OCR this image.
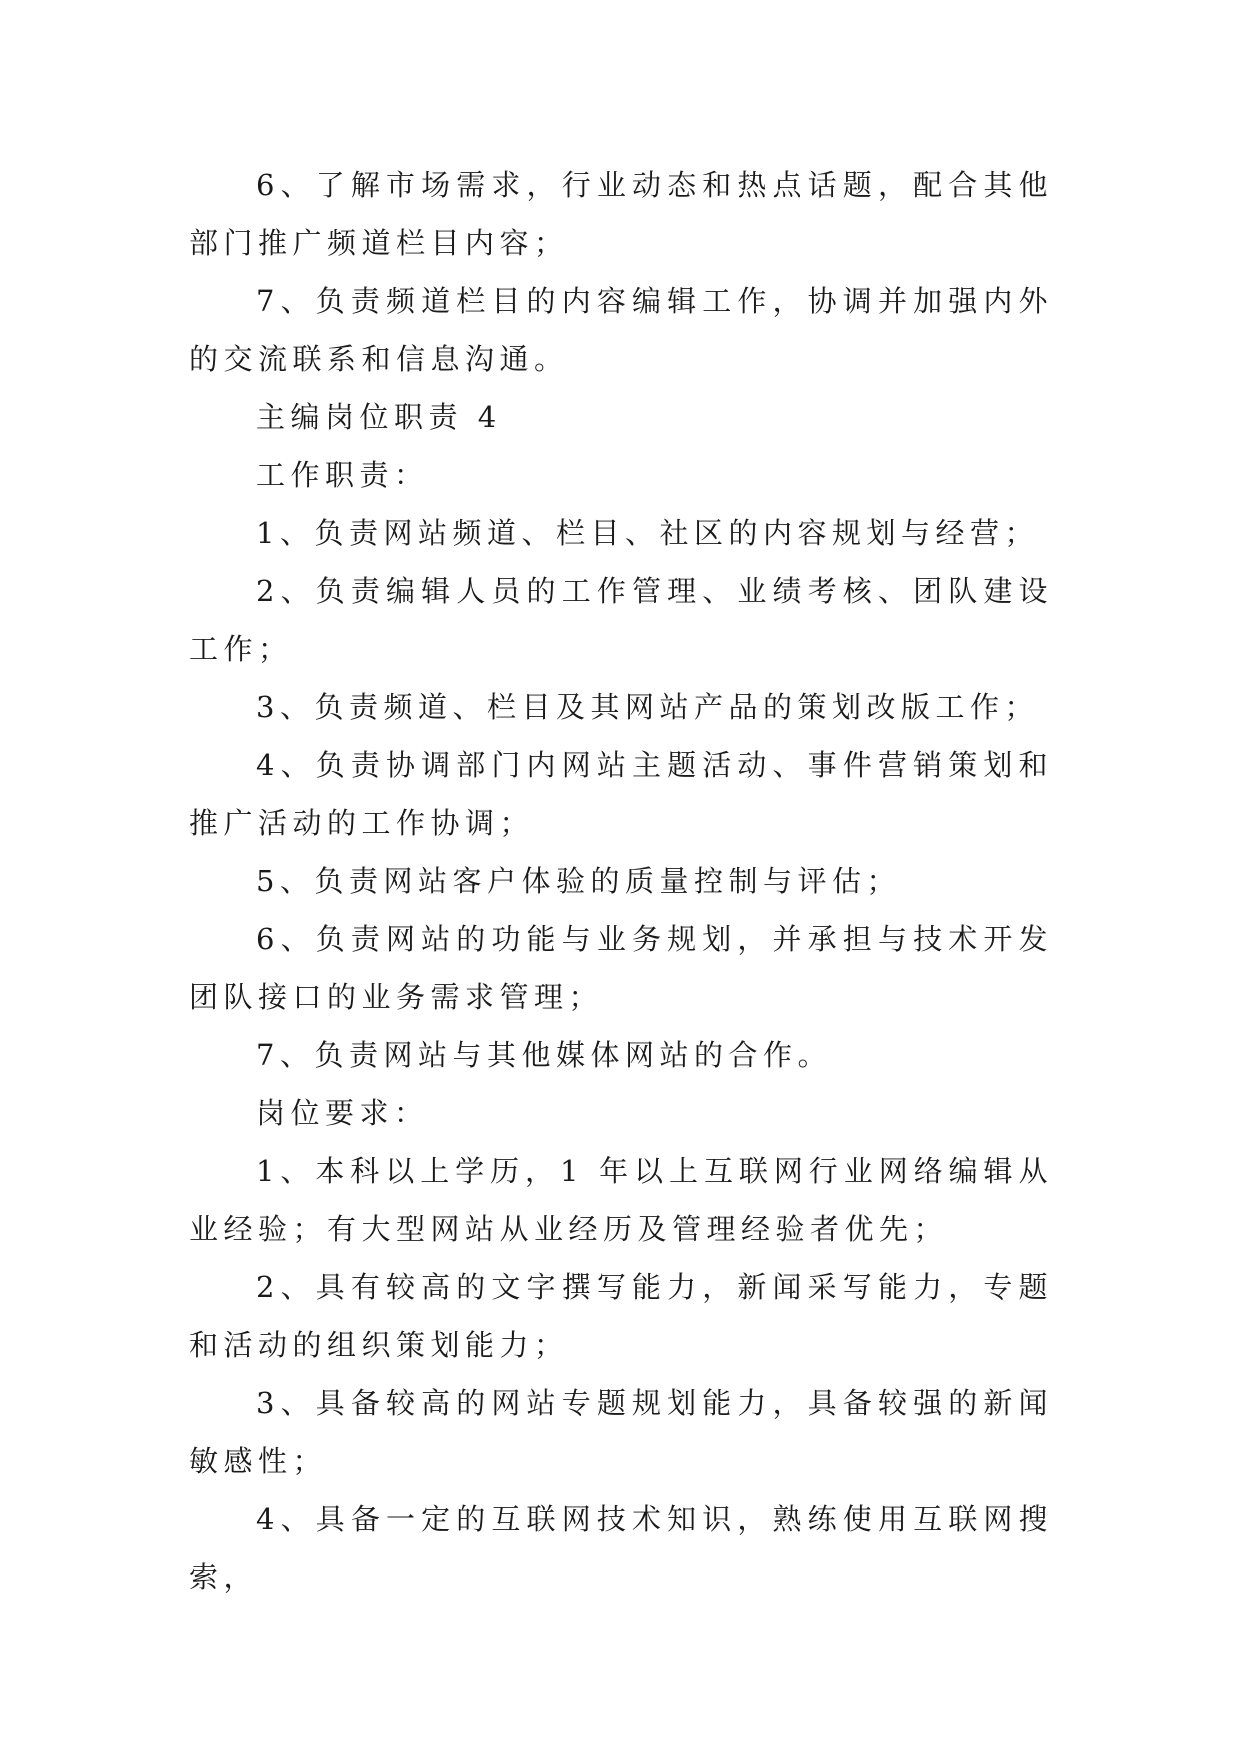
6、了解市场需求，行业动态和热点话题，配合其他部门推广频道栏目内容；

7、负责频道栏目的内容编辑工作，协调并加强内外的交流联系和信息沟通。

主编岗位职责 4

工作职责：

1、负责网站频道、栏目、社区的内容规划与经营；

2、负责编辑人员的工作管理、业绩考核、团队建设工作；

3、负责频道、栏目及其网站产品的策划改版工作；

4、负责协调部门内网站主题活动、事件营销策划和推广活动的工作协调；

5、负责网站客户体验的质量控制与评估；

6、负责网站的功能与业务规划，并承担与技术开发团队接口的业务需求管理；

7、负责网站与其他媒体网站的合作。

岗位要求：

1、本科以上学历，1 年以上互联网行业网络编辑从业经验；有大型网站从业经历及管理经验者优先；

2、具有较高的文字撰写能力，新闻采写能力，专题和活动的组织策划能力；

3、具备较高的网站专题规划能力，具备较强的新闻敏感性；

4、具备一定的互联网技术知识，熟练使用互联网搜索，
